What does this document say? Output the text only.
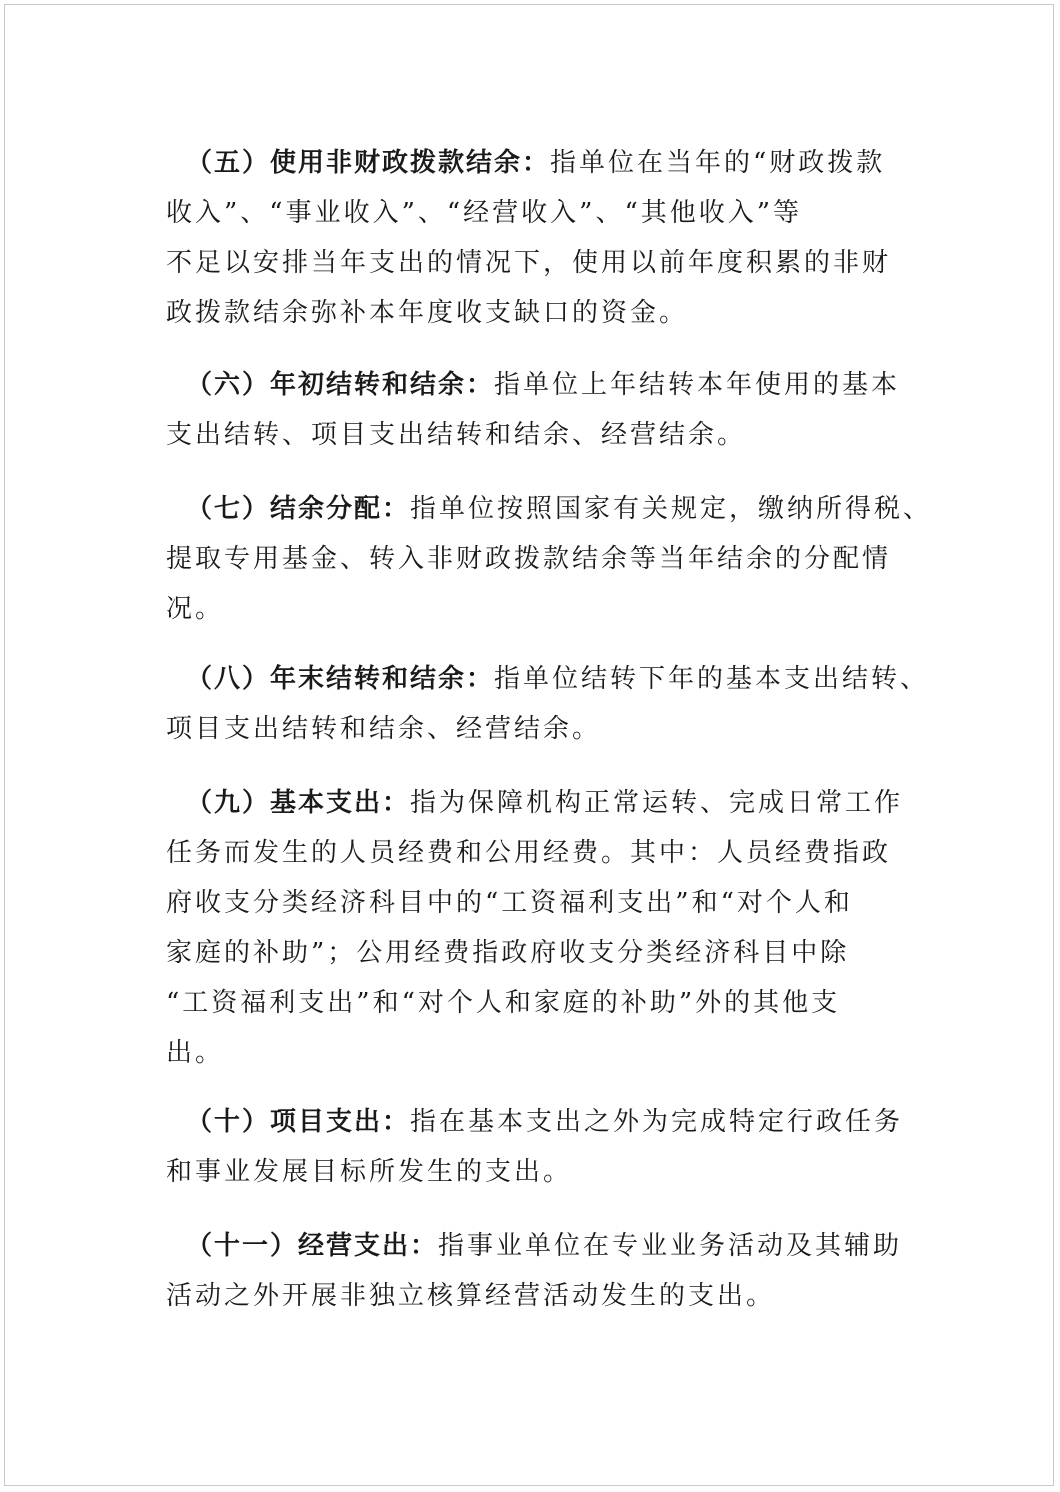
（五）使用非财政拨款结余：指单位在当年的“财政拨款
收入”、“事业收入”、“经营收入”、“其他收入”等
不足以安排当年支出的情况下，使用以前年度积累的非财
政拨款结余弥补本年度收支缺口的资金。
（六）年初结转和结余：指单位上年结转本年使用的基本
支出结转、项目支出结转和结余、经营结余。
（七）结余分配：指单位按照国家有关规定，缴纳所得税、
提取专用基金、转入非财政拨款结余等当年结余的分配情
况。
（八）年末结转和结余：指单位结转下年的基本支出结转、
项目支出结转和结余、经营结余。
（九）基本支出：指为保障机构正常运转、完成日常工作
任务而发生的人员经费和公用经费。其中：人员经费指政
府收支分类经济科目中的“工资福利支出”和“对个人和
家庭的补助”；公用经费指政府收支分类经济科目中除
“工资福利支出”和“对个人和家庭的补助”外的其他支
出。
（十）项目支出：指在基本支出之外为完成特定行政任务
和事业发展目标所发生的支出。
（十一）经营支出：指事业单位在专业业务活动及其辅助
活动之外开展非独立核算经营活动发生的支出。
